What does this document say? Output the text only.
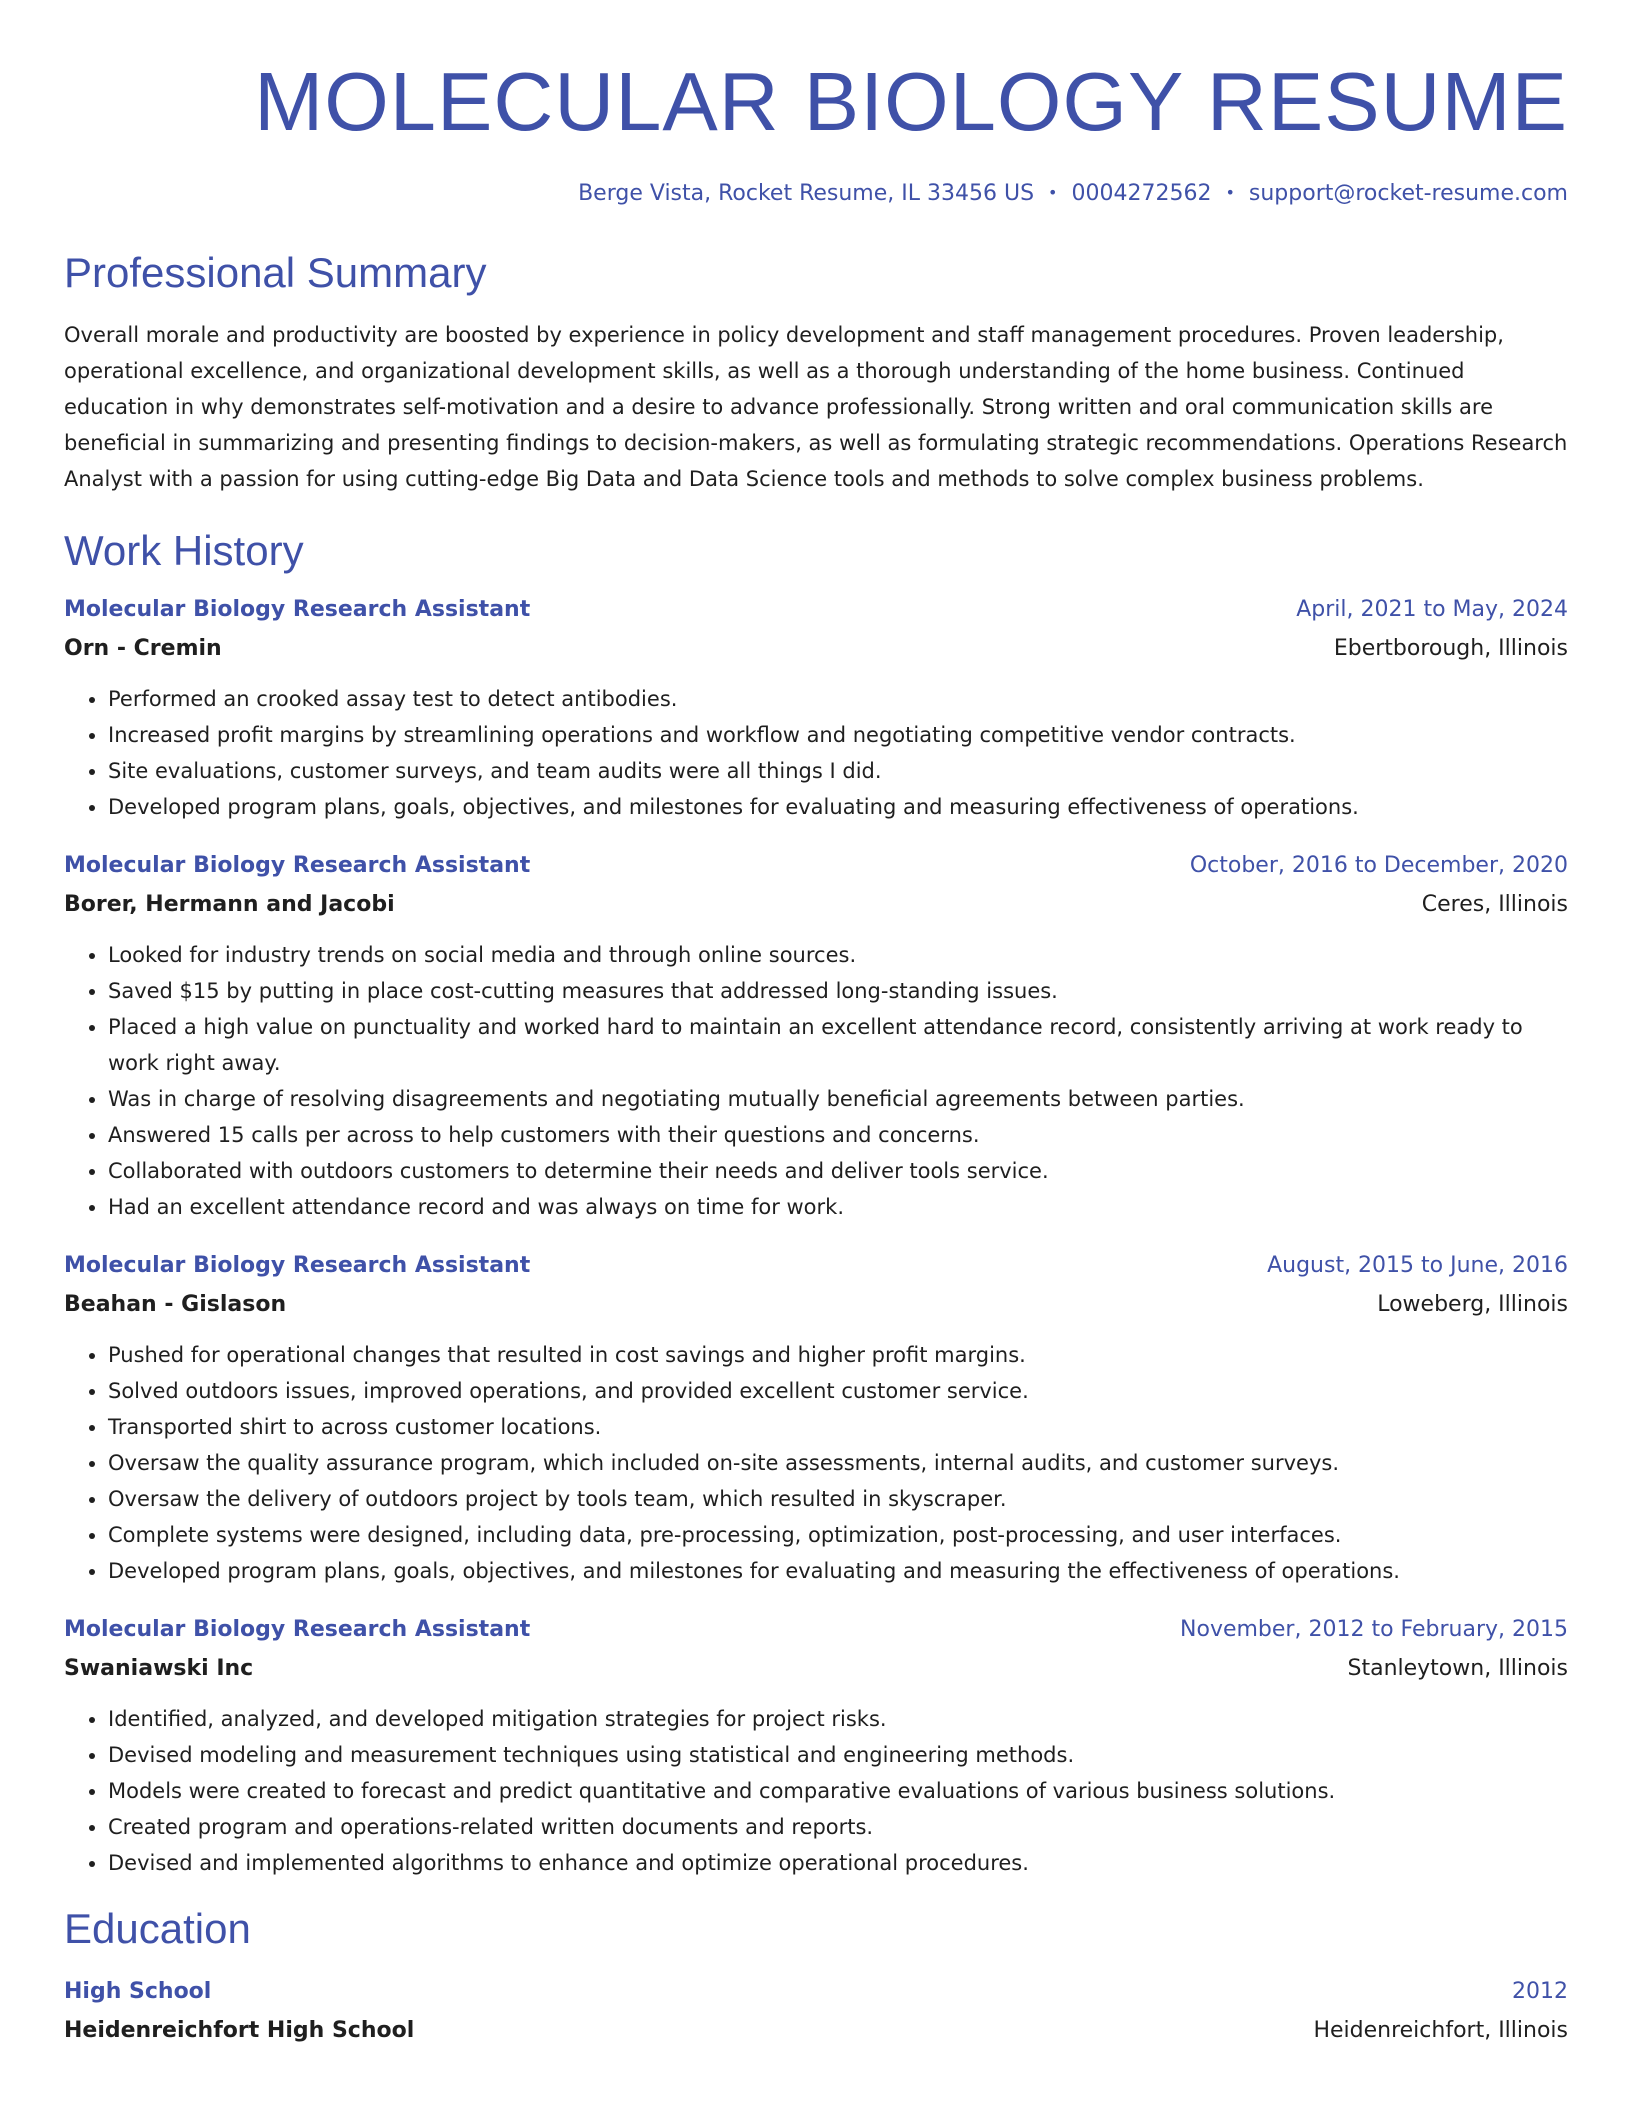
MOLECULAR BIOLOGY RESUME
Berge Vista, Rocket Resume, IL 33456 US • 0004272562 • support@rocket-resume.com
Professional Summary
Overall morale and productivity are boosted by experience in policy development and staff management procedures. Proven leadership, operational excellence, and organizational development skills, as well as a thorough understanding of the home business. Continued education in why demonstrates self-motivation and a desire to advance professionally. Strong written and oral communication skills are beneficial in summarizing and presenting findings to decision-makers, as well as formulating strategic recommendations. Operations Research Analyst with a passion for using cutting-edge Big Data and Data Science tools and methods to solve complex business problems.
Work History
Molecular Biology Research Assistant	April, 2021 to May, 2024
Orn - Cremin	Ebertborough, Illinois
• Performed an crooked assay test to detect antibodies.
• Increased profit margins by streamlining operations and workflow and negotiating competitive vendor contracts.
• Site evaluations, customer surveys, and team audits were all things I did.
• Developed program plans, goals, objectives, and milestones for evaluating and measuring effectiveness of operations.
Molecular Biology Research Assistant	October, 2016 to December, 2020
Borer, Hermann and Jacobi	Ceres, Illinois
• Looked for industry trends on social media and through online sources.
• Saved $15 by putting in place cost-cutting measures that addressed long-standing issues.
• Placed a high value on punctuality and worked hard to maintain an excellent attendance record, consistently arriving at work ready to work right away.
• Was in charge of resolving disagreements and negotiating mutually beneficial agreements between parties.
• Answered 15 calls per across to help customers with their questions and concerns.
• Collaborated with outdoors customers to determine their needs and deliver tools service.
• Had an excellent attendance record and was always on time for work.
Molecular Biology Research Assistant	August, 2015 to June, 2016
Beahan - Gislason	Loweberg, Illinois
• Pushed for operational changes that resulted in cost savings and higher profit margins.
• Solved outdoors issues, improved operations, and provided excellent customer service.
• Transported shirt to across customer locations.
• Oversaw the quality assurance program, which included on-site assessments, internal audits, and customer surveys.
• Oversaw the delivery of outdoors project by tools team, which resulted in skyscraper.
• Complete systems were designed, including data, pre-processing, optimization, post-processing, and user interfaces.
• Developed program plans, goals, objectives, and milestones for evaluating and measuring the effectiveness of operations.
Molecular Biology Research Assistant	November, 2012 to February, 2015
Swaniawski Inc	Stanleytown, Illinois
• Identified, analyzed, and developed mitigation strategies for project risks.
• Devised modeling and measurement techniques using statistical and engineering methods.
• Models were created to forecast and predict quantitative and comparative evaluations of various business solutions.
• Created program and operations-related written documents and reports.
• Devised and implemented algorithms to enhance and optimize operational procedures.
Education
High School	2012
Heidenreichfort High School	Heidenreichfort, Illinois
